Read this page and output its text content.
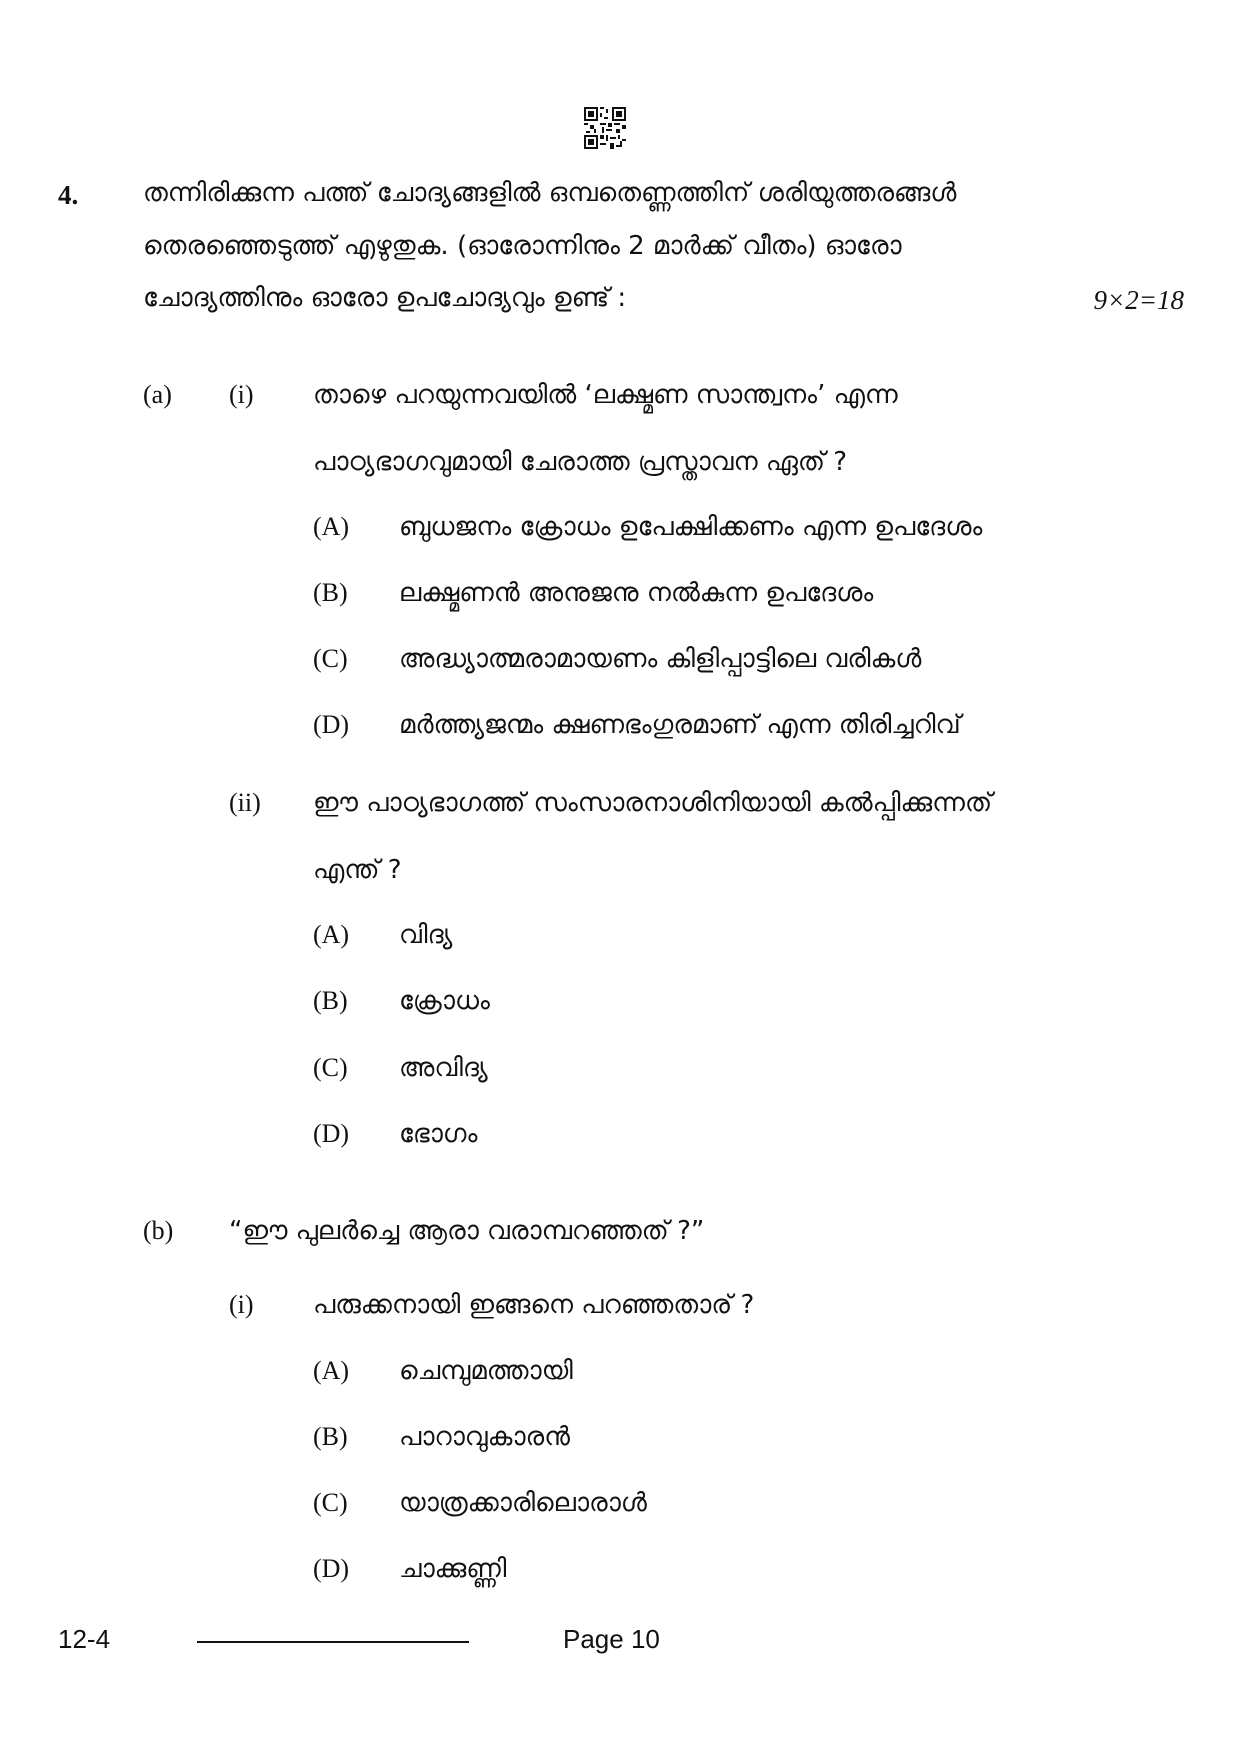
4. തന്നിരിക്കുന്ന പത്ത് ചോദ്യങ്ങളിൽ ഒമ്പതെണ്ണത്തിന് ശരിയുത്തരങ്ങൾ
തെരഞ്ഞെടുത്ത് എഴുതുക. (ഓരോന്നിനും 2 മാർക്ക് വീതം) ഓരോ
ചോദ്യത്തിനും ഓരോ ഉപചോദ്യവും ഉണ്ട് :	9×2=18
(a) (i) താഴെ പറയുന്നവയിൽ ‘ലക്ഷ്മണ സാന്ത്വനം’ എന്ന
പാഠ്യഭാഗവുമായി ചേരാത്ത പ്രസ്താവന ഏത് ?
(A) ബുധജനം ക്രോധം ഉപേക്ഷിക്കണം എന്ന ഉപദേശം
(B) ലക്ഷ്മണൻ അനുജനു നൽകുന്ന ഉപദേശം
(C) അദ്ധ്യാത്മരാമായണം കിളിപ്പാട്ടിലെ വരികൾ
(D) മർത്ത്യജന്മം ക്ഷണഭംഗുരമാണ് എന്ന തിരിച്ചറിവ്
(ii) ഈ പാഠ്യഭാഗത്ത് സംസാരനാശിനിയായി കൽപ്പിക്കുന്നത്
എന്ത് ?
(A) വിദ്യ
(B) ക്രോധം
(C) അവിദ്യ
(D) ഭോഗം
(b) “ഈ പുലർച്ചെ ആരാ വരാമ്പറഞ്ഞത് ?”
(i) പരുക്കനായി ഇങ്ങനെ പറഞ്ഞതാര് ?
(A) ചെമ്പുമത്തായി
(B) പാറാവുകാരൻ
(C) യാത്രക്കാരിലൊരാൾ
(D) ചാക്കുണ്ണി
12-4	Page 10
